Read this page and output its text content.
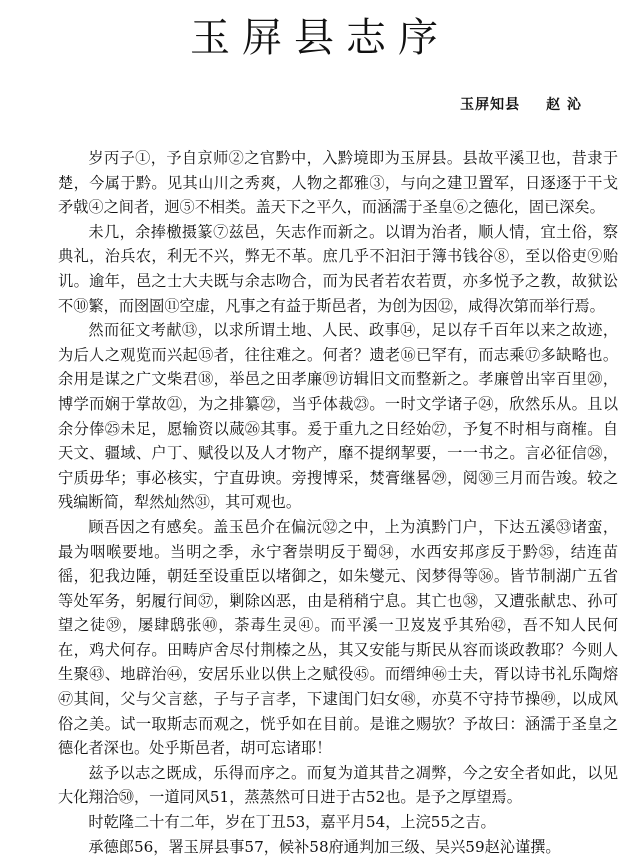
玉屏县志序
玉屏知县 赵 沁

岁丙子①，予自京师②之官黔中，入黔境即为玉屏县。县故平溪卫也，昔隶于楚，今属于黔。见其山川之秀爽，人物之都雅③，与向之建卫置军，日逐逐于干戈矛戟④之间者，迥⑤不相类。盖天下之平久，而涵濡于圣皇⑥之德化，固已深矣。

未几，余捧檄摄篆⑦兹邑，矢志作而新之。以谓为治者，顺人情，宜土俗，察典礼，治兵农，利无不兴，弊无不革。庶几乎不汩汩于簿书钱谷⑧，至以俗吏⑨贻讥。逾年，邑之士大夫既与余志吻合，而为民者若农若贾，亦多悦予之教，故狱讼不⑩繁，而囹圄⑪空虚，凡事之有益于斯邑者，为创为因⑫，咸得次第而举行焉。

然而征文考献⑬，以求所谓土地、人民、政事⑭，足以存千百年以来之故迹，为后人之观览而兴起⑮者，往往难之。何者？遗老⑯已罕有，而志乘⑰多缺略也。余用是谋之广文柴君⑱，举邑之田孝廉⑲访辑旧文而整新之。孝廉曾出宰百里⑳，博学而娴于掌故㉑，为之排纂㉒，当乎体裁㉓。一时文学诸子㉔，欣然乐从。且以余分俸㉕未足，愿输资以蒇㉖其事。爰于重九之日经始㉗，予复不时相与商榷。自天文、疆域、户丁、赋役以及人才物产，靡不提纲挈要，一一书之。言必征信㉘，宁质毋华；事必核实，宁直毋谀。旁搜博采，焚膏继晷㉙，阅㉚三月而告竣。较之残编断简，犁然灿然㉛，其可观也。

顾吾因之有感矣。盖玉邑介在偏沅㉜之中，上为滇黔门户，下达五溪㉝诸蛮，最为咽喉要地。当明之季，永宁奢崇明反于蜀㉞，水西安邦彦反于黔㉟，结连苗徭，犯我边陲，朝廷至设重臣以堵御之，如朱燮元、闵梦得等㊱。皆节制湖广五省等处军务，躬履行间㊲，剿除凶恶，由是稍稍宁息。其亡也㊳，又遭张献忠、孙可望之徒㊴，屡肆鸱张㊵，荼毒生灵㊶。而平溪一卫岌岌乎其殆㊷，吾不知人民何在，鸡犬何存。田畴庐舍尽付荆榛之丛，其又安能与斯民从容而谈政教耶？今则人生聚㊸、地辟治㊹，安居乐业以供上之赋役㊺。而缙绅㊻士夫，胥以诗书礼乐陶熔㊼其间，父与父言慈，子与子言孝，下逮闺门妇女㊽，亦莫不守持节操㊾，以成风俗之美。试一取斯志而观之，恍乎如在目前。是谁之赐欤？予故曰：涵濡于圣皇之德化者深也。处乎斯邑者，胡可忘诸耶！

兹予以志之既成，乐得而序之。而复为道其昔之凋弊，今之安全者如此，以见大化翔洽㊿，一道同风51，蒸蒸然可日进于古52也。是予之厚望焉。

时乾隆二十有二年，岁在丁丑53，嘉平月54，上浣55之吉。

承德郎56，署玉屏县事57，候补58府通判加三级、吴兴59赵沁谨撰。
